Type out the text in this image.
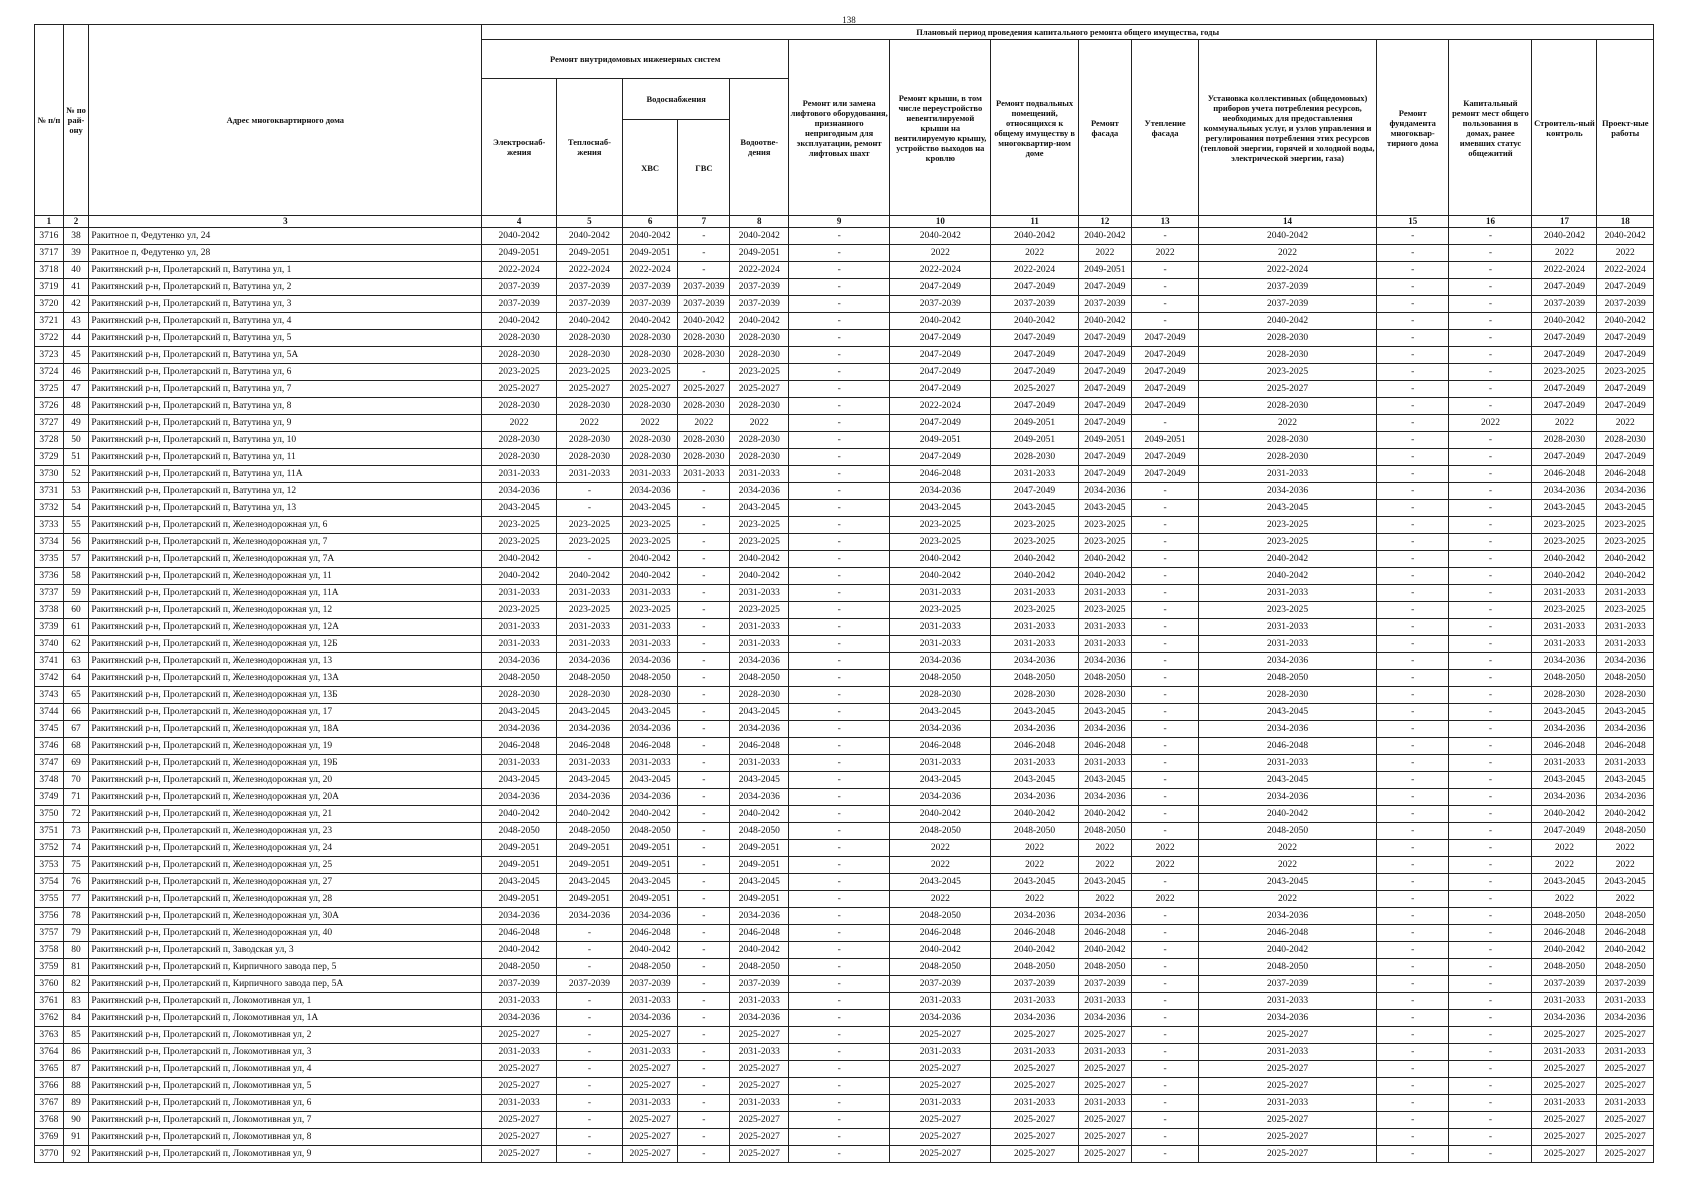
138
№ п/п	№ по рай-ону	Адрес многоквартирного дома	Плановый период проведения капитального ремонта общего имущества, годы														
			Ремонт внутридомовых инженерных систем					Ремонт или замена лифтового оборудования, признанного непригодным для эксплуатации, ремонт лифтовых шахт	Ремонт крыши, в том числе переустройство невентилируемой крыши на вентилируемую крышу, устройство выходов на кровлю	Ремонт подвальных помещений, относящихся к общему имуществу в многоквартир-ном доме	Ремонт фасада	Утепление фасада	Установка коллективных (общедомовых) приборов учета потребления ресурсов, необходимых для предоставления коммунальных услуг, и узлов управления и регулирования потребления этих ресурсов (тепловой энергии, горячей и холодной воды, электрической энергии, газа)	Ремонт фундамента многоквар-тирного дома	Капитальный ремонт мест общего пользования в домах, ранее имевших статус общежитий	Строитель-ный контроль	Проект-ные работы
			Электроснаб-жения	Теплоснаб-жения	Водоснабжения		Водоотве-дения										
					ХВС	ГВС											
1	2	3	4	5	6	7	8	9	10	11	12	13	14	15	16	17	18
3716	38	Ракитное п, Федутенко ул, 24	2040-2042	2040-2042	2040-2042	-	2040-2042	-	2040-2042	2040-2042	2040-2042	-	2040-2042	-	-	2040-2042	2040-2042
3717	39	Ракитное п, Федутенко ул, 28	2049-2051	2049-2051	2049-2051	-	2049-2051	-	2022	2022	2022	2022	2022	-	-	2022	2022
3718	40	Ракитянский р-н, Пролетарский п, Ватутина ул, 1	2022-2024	2022-2024	2022-2024	-	2022-2024	-	2022-2024	2022-2024	2049-2051	-	2022-2024	-	-	2022-2024	2022-2024
3719	41	Ракитянский р-н, Пролетарский п, Ватутина ул, 2	2037-2039	2037-2039	2037-2039	2037-2039	2037-2039	-	2047-2049	2047-2049	2047-2049	-	2037-2039	-	-	2047-2049	2047-2049
3720	42	Ракитянский р-н, Пролетарский п, Ватутина ул, 3	2037-2039	2037-2039	2037-2039	2037-2039	2037-2039	-	2037-2039	2037-2039	2037-2039	-	2037-2039	-	-	2037-2039	2037-2039
3721	43	Ракитянский р-н, Пролетарский п, Ватутина ул, 4	2040-2042	2040-2042	2040-2042	2040-2042	2040-2042	-	2040-2042	2040-2042	2040-2042	-	2040-2042	-	-	2040-2042	2040-2042
3722	44	Ракитянский р-н, Пролетарский п, Ватутина ул, 5	2028-2030	2028-2030	2028-2030	2028-2030	2028-2030	-	2047-2049	2047-2049	2047-2049	2047-2049	2028-2030	-	-	2047-2049	2047-2049
3723	45	Ракитянский р-н, Пролетарский п, Ватутина ул, 5А	2028-2030	2028-2030	2028-2030	2028-2030	2028-2030	-	2047-2049	2047-2049	2047-2049	2047-2049	2028-2030	-	-	2047-2049	2047-2049
3724	46	Ракитянский р-н, Пролетарский п, Ватутина ул, 6	2023-2025	2023-2025	2023-2025	-	2023-2025	-	2047-2049	2047-2049	2047-2049	2047-2049	2023-2025	-	-	2023-2025	2023-2025
3725	47	Ракитянский р-н, Пролетарский п, Ватутина ул, 7	2025-2027	2025-2027	2025-2027	2025-2027	2025-2027	-	2047-2049	2025-2027	2047-2049	2047-2049	2025-2027	-	-	2047-2049	2047-2049
3726	48	Ракитянский р-н, Пролетарский п, Ватутина ул, 8	2028-2030	2028-2030	2028-2030	2028-2030	2028-2030	-	2022-2024	2047-2049	2047-2049	2047-2049	2028-2030	-	-	2047-2049	2047-2049
3727	49	Ракитянский р-н, Пролетарский п, Ватутина ул, 9	2022	2022	2022	2022	2022	-	2047-2049	2049-2051	2047-2049	-	2022	-	2022	2022	2022
3728	50	Ракитянский р-н, Пролетарский п, Ватутина ул, 10	2028-2030	2028-2030	2028-2030	2028-2030	2028-2030	-	2049-2051	2049-2051	2049-2051	2049-2051	2028-2030	-	-	2028-2030	2028-2030
3729	51	Ракитянский р-н, Пролетарский п, Ватутина ул, 11	2028-2030	2028-2030	2028-2030	2028-2030	2028-2030	-	2047-2049	2028-2030	2047-2049	2047-2049	2028-2030	-	-	2047-2049	2047-2049
3730	52	Ракитянский р-н, Пролетарский п, Ватутина ул, 11А	2031-2033	2031-2033	2031-2033	2031-2033	2031-2033	-	2046-2048	2031-2033	2047-2049	2047-2049	2031-2033	-	-	2046-2048	2046-2048
3731	53	Ракитянский р-н, Пролетарский п, Ватутина ул, 12	2034-2036	-	2034-2036	-	2034-2036	-	2034-2036	2047-2049	2034-2036	-	2034-2036	-	-	2034-2036	2034-2036
3732	54	Ракитянский р-н, Пролетарский п, Ватутина ул, 13	2043-2045	-	2043-2045	-	2043-2045	-	2043-2045	2043-2045	2043-2045	-	2043-2045	-	-	2043-2045	2043-2045
3733	55	Ракитянский р-н, Пролетарский п, Железнодорожная ул, 6	2023-2025	2023-2025	2023-2025	-	2023-2025	-	2023-2025	2023-2025	2023-2025	-	2023-2025	-	-	2023-2025	2023-2025
3734	56	Ракитянский р-н, Пролетарский п, Железнодорожная ул, 7	2023-2025	2023-2025	2023-2025	-	2023-2025	-	2023-2025	2023-2025	2023-2025	-	2023-2025	-	-	2023-2025	2023-2025
3735	57	Ракитянский р-н, Пролетарский п, Железнодорожная ул, 7А	2040-2042	-	2040-2042	-	2040-2042	-	2040-2042	2040-2042	2040-2042	-	2040-2042	-	-	2040-2042	2040-2042
3736	58	Ракитянский р-н, Пролетарский п, Железнодорожная ул, 11	2040-2042	2040-2042	2040-2042	-	2040-2042	-	2040-2042	2040-2042	2040-2042	-	2040-2042	-	-	2040-2042	2040-2042
3737	59	Ракитянский р-н, Пролетарский п, Железнодорожная ул, 11А	2031-2033	2031-2033	2031-2033	-	2031-2033	-	2031-2033	2031-2033	2031-2033	-	2031-2033	-	-	2031-2033	2031-2033
3738	60	Ракитянский р-н, Пролетарский п, Железнодорожная ул, 12	2023-2025	2023-2025	2023-2025	-	2023-2025	-	2023-2025	2023-2025	2023-2025	-	2023-2025	-	-	2023-2025	2023-2025
3739	61	Ракитянский р-н, Пролетарский п, Железнодорожная ул, 12А	2031-2033	2031-2033	2031-2033	-	2031-2033	-	2031-2033	2031-2033	2031-2033	-	2031-2033	-	-	2031-2033	2031-2033
3740	62	Ракитянский р-н, Пролетарский п, Железнодорожная ул, 12Б	2031-2033	2031-2033	2031-2033	-	2031-2033	-	2031-2033	2031-2033	2031-2033	-	2031-2033	-	-	2031-2033	2031-2033
3741	63	Ракитянский р-н, Пролетарский п, Железнодорожная ул, 13	2034-2036	2034-2036	2034-2036	-	2034-2036	-	2034-2036	2034-2036	2034-2036	-	2034-2036	-	-	2034-2036	2034-2036
3742	64	Ракитянский р-н, Пролетарский п, Железнодорожная ул, 13А	2048-2050	2048-2050	2048-2050	-	2048-2050	-	2048-2050	2048-2050	2048-2050	-	2048-2050	-	-	2048-2050	2048-2050
3743	65	Ракитянский р-н, Пролетарский п, Железнодорожная ул, 13Б	2028-2030	2028-2030	2028-2030	-	2028-2030	-	2028-2030	2028-2030	2028-2030	-	2028-2030	-	-	2028-2030	2028-2030
3744	66	Ракитянский р-н, Пролетарский п, Железнодорожная ул, 17	2043-2045	2043-2045	2043-2045	-	2043-2045	-	2043-2045	2043-2045	2043-2045	-	2043-2045	-	-	2043-2045	2043-2045
3745	67	Ракитянский р-н, Пролетарский п, Железнодорожная ул, 18А	2034-2036	2034-2036	2034-2036	-	2034-2036	-	2034-2036	2034-2036	2034-2036	-	2034-2036	-	-	2034-2036	2034-2036
3746	68	Ракитянский р-н, Пролетарский п, Железнодорожная ул, 19	2046-2048	2046-2048	2046-2048	-	2046-2048	-	2046-2048	2046-2048	2046-2048	-	2046-2048	-	-	2046-2048	2046-2048
3747	69	Ракитянский р-н, Пролетарский п, Железнодорожная ул, 19Б	2031-2033	2031-2033	2031-2033	-	2031-2033	-	2031-2033	2031-2033	2031-2033	-	2031-2033	-	-	2031-2033	2031-2033
3748	70	Ракитянский р-н, Пролетарский п, Железнодорожная ул, 20	2043-2045	2043-2045	2043-2045	-	2043-2045	-	2043-2045	2043-2045	2043-2045	-	2043-2045	-	-	2043-2045	2043-2045
3749	71	Ракитянский р-н, Пролетарский п, Железнодорожная ул, 20А	2034-2036	2034-2036	2034-2036	-	2034-2036	-	2034-2036	2034-2036	2034-2036	-	2034-2036	-	-	2034-2036	2034-2036
3750	72	Ракитянский р-н, Пролетарский п, Железнодорожная ул, 21	2040-2042	2040-2042	2040-2042	-	2040-2042	-	2040-2042	2040-2042	2040-2042	-	2040-2042	-	-	2040-2042	2040-2042
3751	73	Ракитянский р-н, Пролетарский п, Железнодорожная ул, 23	2048-2050	2048-2050	2048-2050	-	2048-2050	-	2048-2050	2048-2050	2048-2050	-	2048-2050	-	-	2047-2049	2048-2050
3752	74	Ракитянский р-н, Пролетарский п, Железнодорожная ул, 24	2049-2051	2049-2051	2049-2051	-	2049-2051	-	2022	2022	2022	2022	2022	-	-	2022	2022
3753	75	Ракитянский р-н, Пролетарский п, Железнодорожная ул, 25	2049-2051	2049-2051	2049-2051	-	2049-2051	-	2022	2022	2022	2022	2022	-	-	2022	2022
3754	76	Ракитянский р-н, Пролетарский п, Железнодорожная ул, 27	2043-2045	2043-2045	2043-2045	-	2043-2045	-	2043-2045	2043-2045	2043-2045	-	2043-2045	-	-	2043-2045	2043-2045
3755	77	Ракитянский р-н, Пролетарский п, Железнодорожная ул, 28	2049-2051	2049-2051	2049-2051	-	2049-2051	-	2022	2022	2022	2022	2022	-	-	2022	2022
3756	78	Ракитянский р-н, Пролетарский п, Железнодорожная ул, 30А	2034-2036	2034-2036	2034-2036	-	2034-2036	-	2048-2050	2034-2036	2034-2036	-	2034-2036	-	-	2048-2050	2048-2050
3757	79	Ракитянский р-н, Пролетарский п, Железнодорожная ул, 40	2046-2048	-	2046-2048	-	2046-2048	-	2046-2048	2046-2048	2046-2048	-	2046-2048	-	-	2046-2048	2046-2048
3758	80	Ракитянский р-н, Пролетарский п, Заводская ул, 3	2040-2042	-	2040-2042	-	2040-2042	-	2040-2042	2040-2042	2040-2042	-	2040-2042	-	-	2040-2042	2040-2042
3759	81	Ракитянский р-н, Пролетарский п, Кирпичного завода пер, 5	2048-2050	-	2048-2050	-	2048-2050	-	2048-2050	2048-2050	2048-2050	-	2048-2050	-	-	2048-2050	2048-2050
3760	82	Ракитянский р-н, Пролетарский п, Кирпичного завода пер, 5А	2037-2039	2037-2039	2037-2039	-	2037-2039	-	2037-2039	2037-2039	2037-2039	-	2037-2039	-	-	2037-2039	2037-2039
3761	83	Ракитянский р-н, Пролетарский п, Локомотивная ул, 1	2031-2033	-	2031-2033	-	2031-2033	-	2031-2033	2031-2033	2031-2033	-	2031-2033	-	-	2031-2033	2031-2033
3762	84	Ракитянский р-н, Пролетарский п, Локомотивная ул, 1А	2034-2036	-	2034-2036	-	2034-2036	-	2034-2036	2034-2036	2034-2036	-	2034-2036	-	-	2034-2036	2034-2036
3763	85	Ракитянский р-н, Пролетарский п, Локомотивная ул, 2	2025-2027	-	2025-2027	-	2025-2027	-	2025-2027	2025-2027	2025-2027	-	2025-2027	-	-	2025-2027	2025-2027
3764	86	Ракитянский р-н, Пролетарский п, Локомотивная ул, 3	2031-2033	-	2031-2033	-	2031-2033	-	2031-2033	2031-2033	2031-2033	-	2031-2033	-	-	2031-2033	2031-2033
3765	87	Ракитянский р-н, Пролетарский п, Локомотивная ул, 4	2025-2027	-	2025-2027	-	2025-2027	-	2025-2027	2025-2027	2025-2027	-	2025-2027	-	-	2025-2027	2025-2027
3766	88	Ракитянский р-н, Пролетарский п, Локомотивная ул, 5	2025-2027	-	2025-2027	-	2025-2027	-	2025-2027	2025-2027	2025-2027	-	2025-2027	-	-	2025-2027	2025-2027
3767	89	Ракитянский р-н, Пролетарский п, Локомотивная ул, 6	2031-2033	-	2031-2033	-	2031-2033	-	2031-2033	2031-2033	2031-2033	-	2031-2033	-	-	2031-2033	2031-2033
3768	90	Ракитянский р-н, Пролетарский п, Локомотивная ул, 7	2025-2027	-	2025-2027	-	2025-2027	-	2025-2027	2025-2027	2025-2027	-	2025-2027	-	-	2025-2027	2025-2027
3769	91	Ракитянский р-н, Пролетарский п, Локомотивная ул, 8	2025-2027	-	2025-2027	-	2025-2027	-	2025-2027	2025-2027	2025-2027	-	2025-2027	-	-	2025-2027	2025-2027
3770	92	Ракитянский р-н, Пролетарский п, Локомотивная ул, 9	2025-2027	-	2025-2027	-	2025-2027	-	2025-2027	2025-2027	2025-2027	-	2025-2027	-	-	2025-2027	2025-2027
